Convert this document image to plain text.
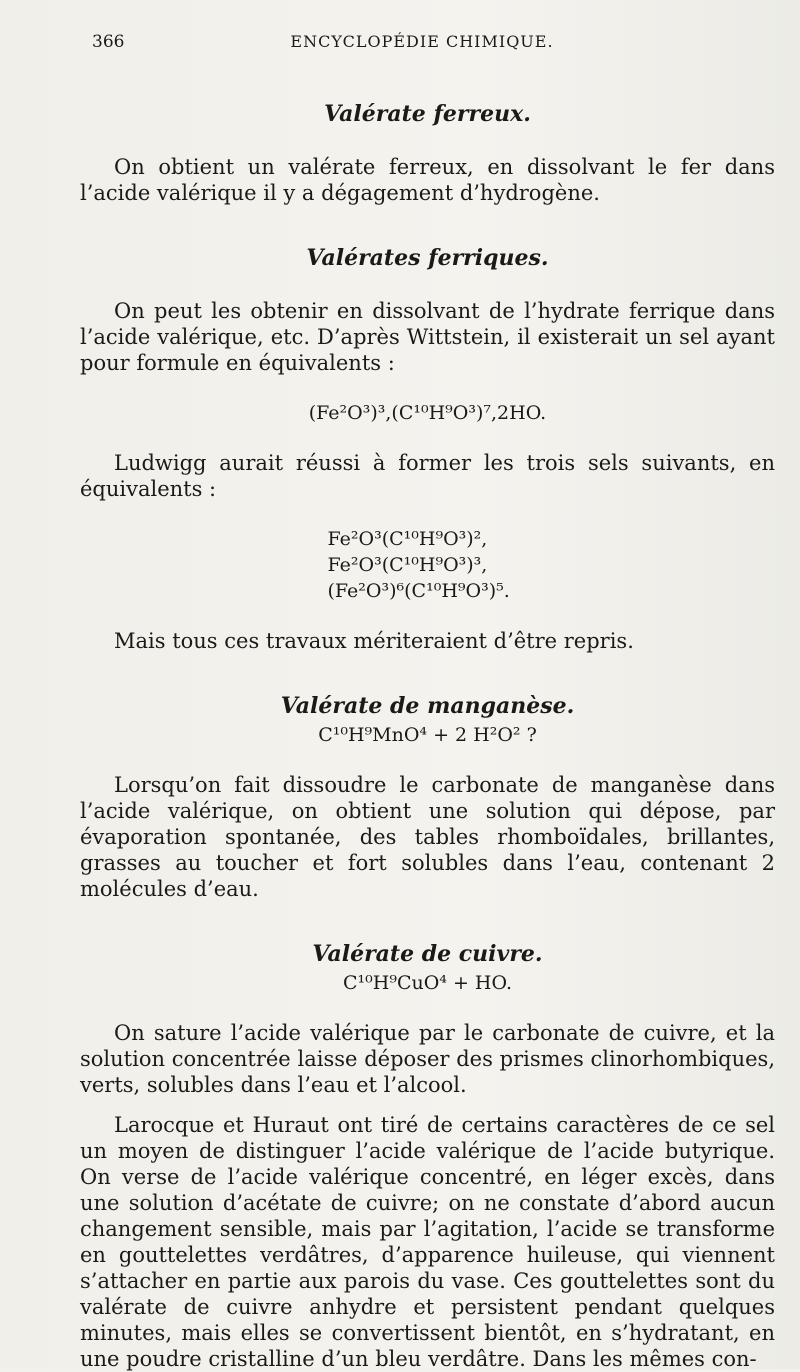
366	ENCYCLOPÉDIE CHIMIQUE.
Valérate ferreux.

On obtient un valérate ferreux, en dissolvant le fer dans l’acide valérique il y a dégagement d’hydrogène.

Valérates ferriques.

On peut les obtenir en dissolvant de l’hydrate ferrique dans l’acide valérique, etc. D’après Wittstein, il existerait un sel ayant pour formule en équivalents :

(Fe²O³)³,(C¹⁰H⁹O³)⁷,2HO.

Ludwigg aurait réussi à former les trois sels suivants, en équivalents :

Fe²O³(C¹⁰H⁹O³)²,
Fe²O³(C¹⁰H⁹O³)³,
(Fe²O³)⁶(C¹⁰H⁹O³)⁵.

Mais tous ces travaux mériteraient d’être repris.

Valérate de manganèse.

C¹⁰H⁹MnO⁴ + 2 H²O² ?

Lorsqu’on fait dissoudre le carbonate de manganèse dans l’acide valérique, on obtient une solution qui dépose, par évaporation spontanée, des tables rhomboïdales, brillantes, grasses au toucher et fort solubles dans l’eau, contenant 2 molécules d’eau.

Valérate de cuivre.

C¹⁰H⁹CuO⁴ + HO.

On sature l’acide valérique par le carbonate de cuivre, et la solution concentrée laisse déposer des prismes clinorhombiques, verts, solubles dans l’eau et l’alcool.

Larocque et Huraut ont tiré de certains caractères de ce sel un moyen de distinguer l’acide valérique de l’acide butyrique. On verse de l’acide valérique concentré, en léger excès, dans une solution d’acétate de cuivre; on ne constate d’abord aucun changement sensible, mais par l’agitation, l’acide se transforme en gouttelettes verdâtres, d’apparence huileuse, qui viennent s’attacher en partie aux parois du vase. Ces gouttelettes sont du valérate de cuivre anhydre et persistent pendant quelques minutes, mais elles se convertissent bientôt, en s’hydratant, en une poudre cristalline d’un bleu verdâtre. Dans les mêmes con-
